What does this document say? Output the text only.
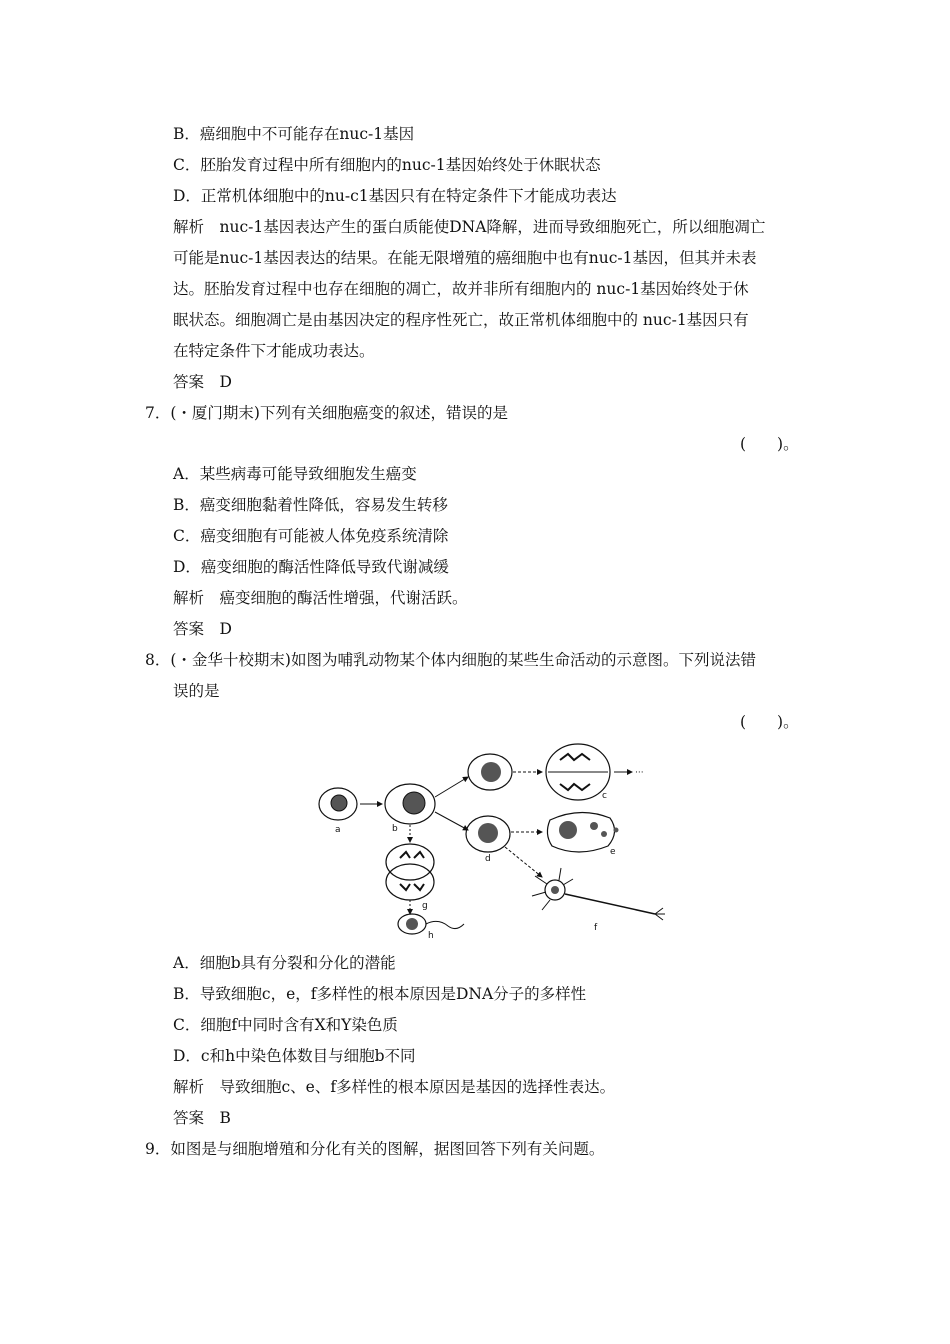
B．癌细胞中不可能存在nuc-1基因
C．胚胎发育过程中所有细胞内的nuc-1基因始终处于休眠状态
D．正常机体细胞中的nu-c1基因只有在特定条件下才能成功表达
解析　nuc-1基因表达产生的蛋白质能使DNA降解，进而导致细胞死亡，所以细胞凋亡
可能是nuc-1基因表达的结果。在能无限增殖的癌细胞中也有nuc-1基因，但其并未表
达。胚胎发育过程中也存在细胞的凋亡，故并非所有细胞内的 nuc-1基因始终处于休
眠状态。细胞凋亡是由基因决定的程序性死亡，故正常机体细胞中的 nuc-1基因只有
在特定条件下才能成功表达。
答案　D
7．(・厦门期末)下列有关细胞癌变的叙述，错误的是
(　　)。
A．某些病毒可能导致细胞发生癌变
B．癌变细胞黏着性降低，容易发生转移
C．癌变细胞有可能被人体免疫系统清除
D．癌变细胞的酶活性降低导致代谢减缓
解析　癌变细胞的酶活性增强，代谢活跃。
答案　D
8．(・金华十校期末)如图为哺乳动物某个体内细胞的某些生命活动的示意图。下列说法错
误的是
(　　)。
···
a	b
c
d
e
f
g
h
A．细胞b具有分裂和分化的潜能
B．导致细胞c，e，f多样性的根本原因是DNA分子的多样性
C．细胞f中同时含有X和Y染色质
D．c和h中染色体数目与细胞b不同
解析　导致细胞c、e、f多样性的根本原因是基因的选择性表达。
答案　B
9．如图是与细胞增殖和分化有关的图解，据图回答下列有关问题。
